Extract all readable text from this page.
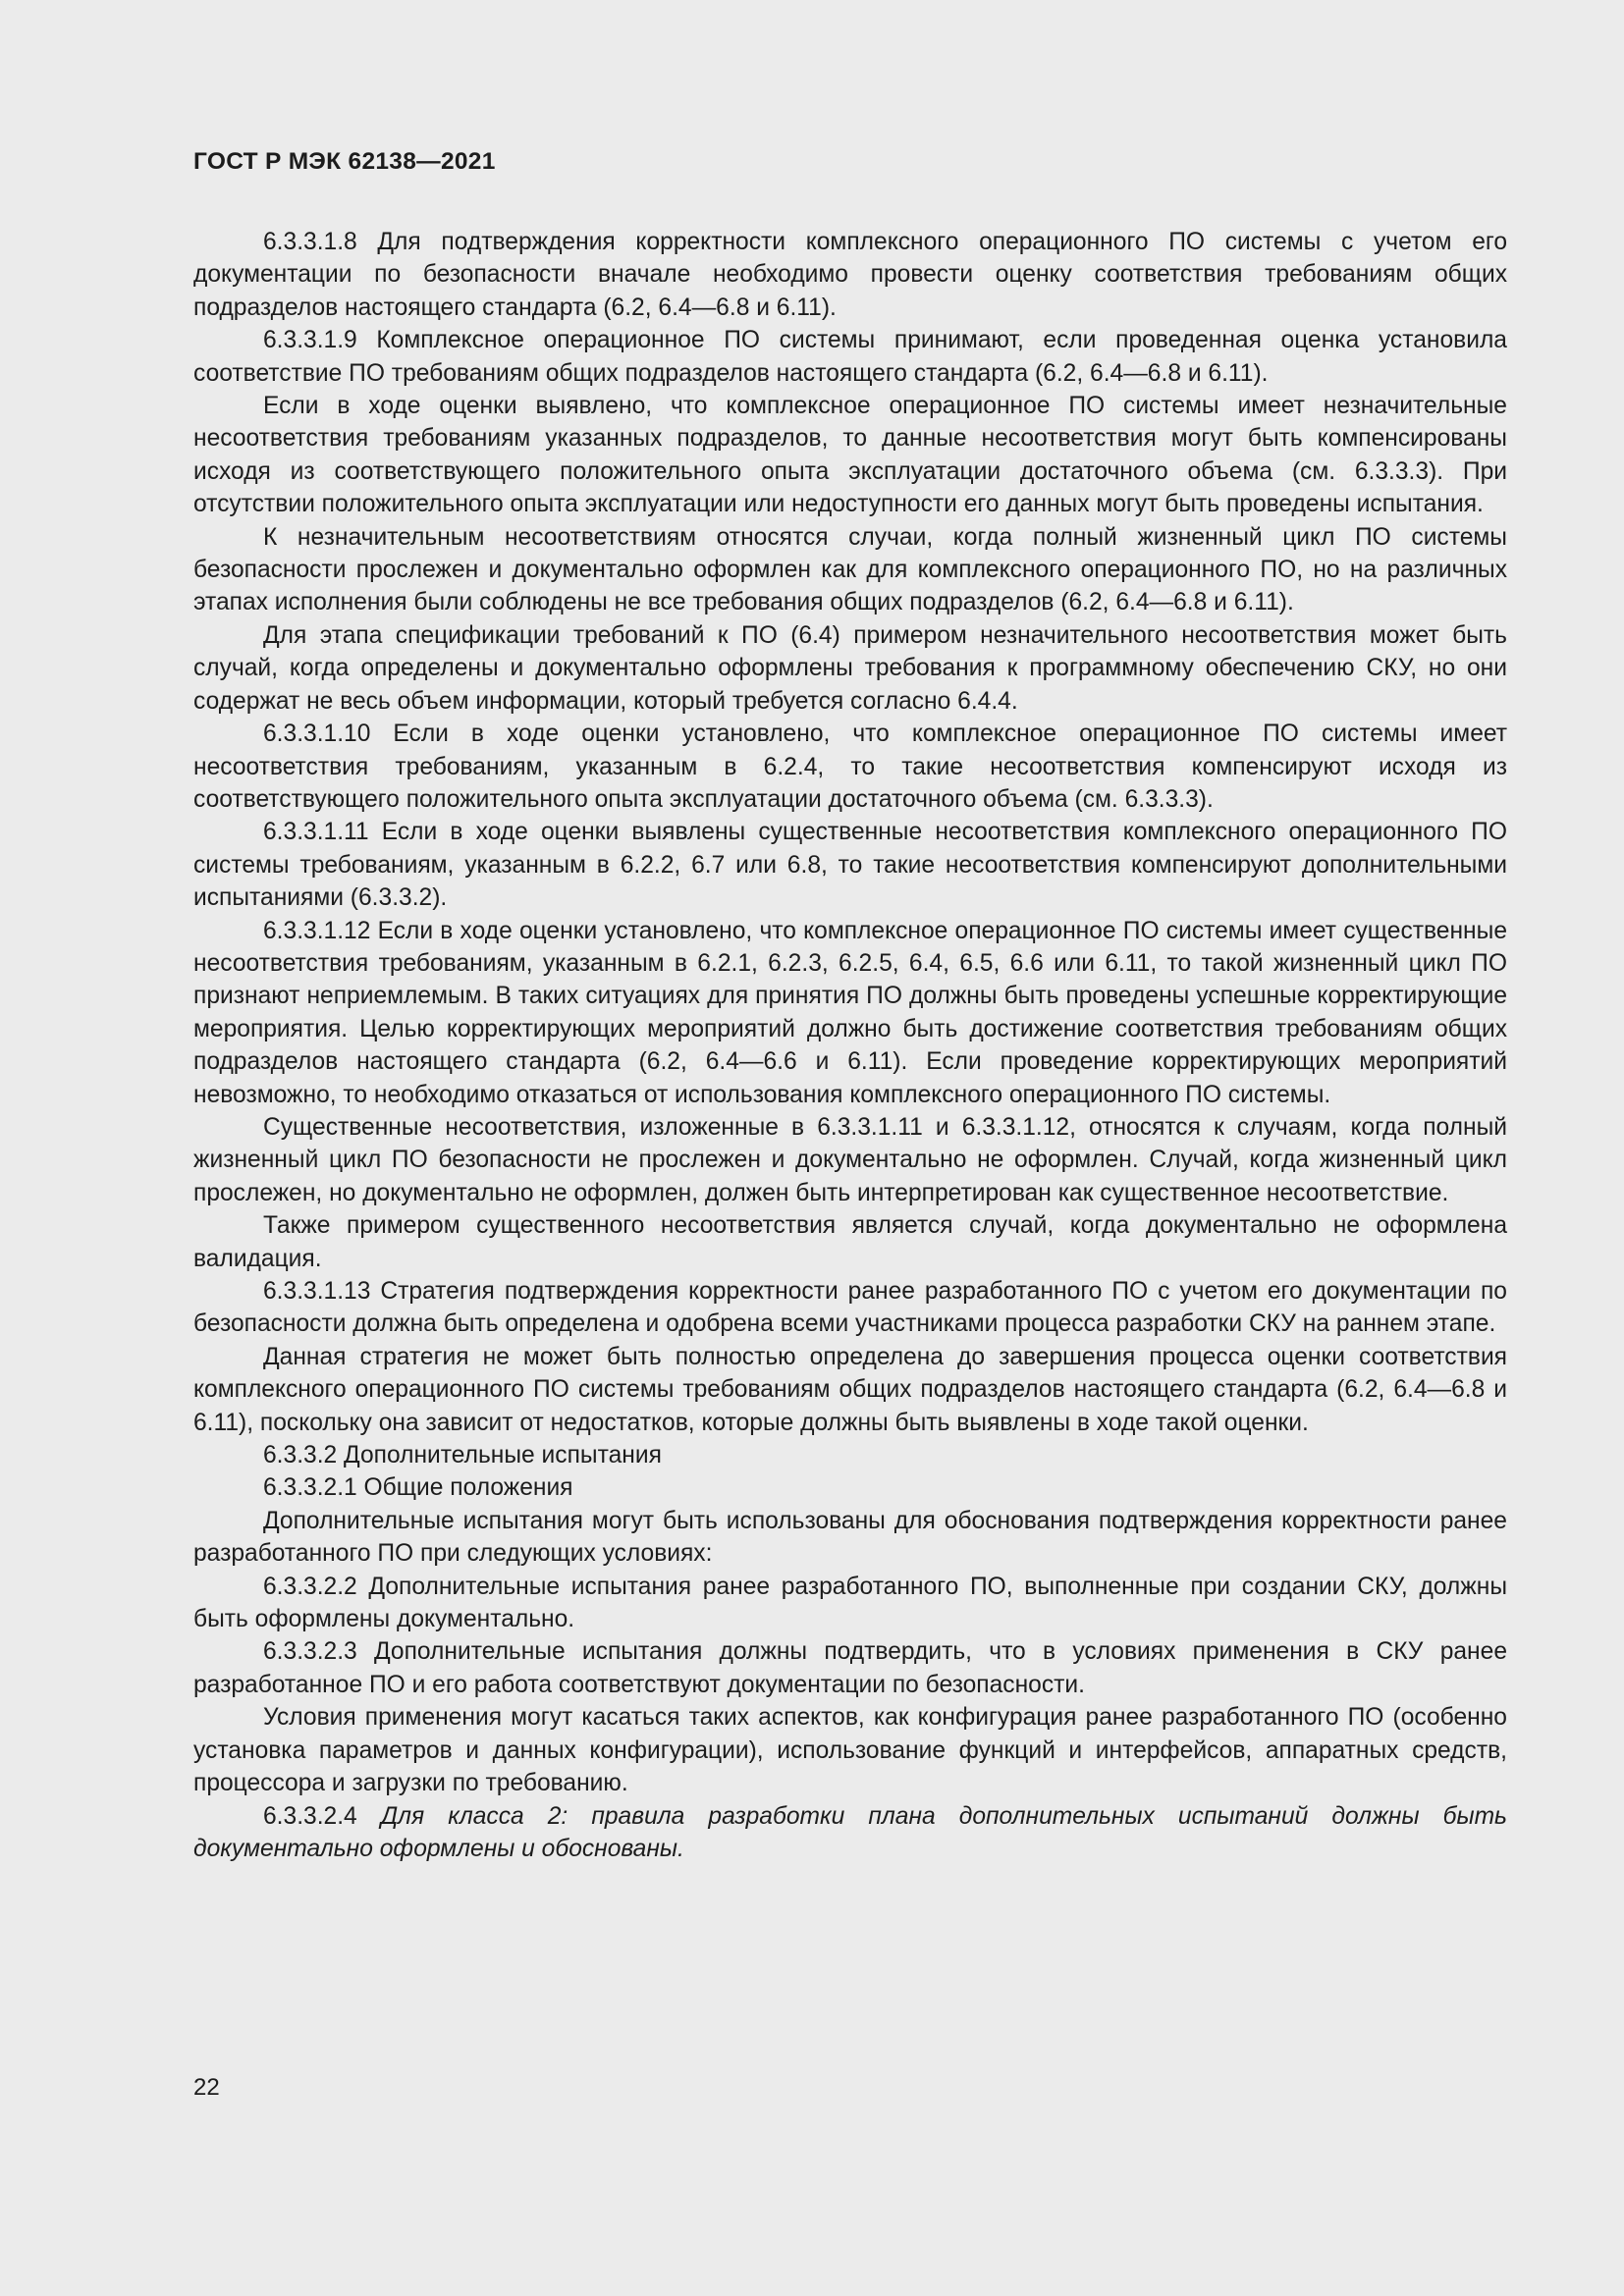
ГОСТ Р МЭК 62138—2021

6.3.3.1.8 Для подтверждения корректности комплексного операционного ПО системы с учетом его документации по безопасности вначале необходимо провести оценку соответствия требованиям общих подразделов настоящего стандарта (6.2, 6.4—6.8 и 6.11).

6.3.3.1.9 Комплексное операционное ПО системы принимают, если проведенная оценка установила соответствие ПО требованиям общих подразделов настоящего стандарта (6.2, 6.4—6.8 и 6.11).

Если в ходе оценки выявлено, что комплексное операционное ПО системы имеет незначительные несоответствия требованиям указанных подразделов, то данные несоответствия могут быть компенсированы исходя из соответствующего положительного опыта эксплуатации достаточного объема (см. 6.3.3.3). При отсутствии положительного опыта эксплуатации или недоступности его данных могут быть проведены испытания.

К незначительным несоответствиям относятся случаи, когда полный жизненный цикл ПО системы безопасности прослежен и документально оформлен как для комплексного операционного ПО, но на различных этапах исполнения были соблюдены не все требования общих подразделов (6.2, 6.4—6.8 и 6.11).

Для этапа спецификации требований к ПО (6.4) примером незначительного несоответствия может быть случай, когда определены и документально оформлены требования к программному обеспечению СКУ, но они содержат не весь объем информации, который требуется согласно 6.4.4.

6.3.3.1.10 Если в ходе оценки установлено, что комплексное операционное ПО системы имеет несоответствия требованиям, указанным в 6.2.4, то такие несоответствия компенсируют исходя из соответствующего положительного опыта эксплуатации достаточного объема (см. 6.3.3.3).

6.3.3.1.11 Если в ходе оценки выявлены существенные несоответствия комплексного операционного ПО системы требованиям, указанным в 6.2.2, 6.7 или 6.8, то такие несоответствия компенсируют дополнительными испытаниями (6.3.3.2).

6.3.3.1.12 Если в ходе оценки установлено, что комплексное операционное ПО системы имеет существенные несоответствия требованиям, указанным в 6.2.1, 6.2.3, 6.2.5, 6.4, 6.5, 6.6 или 6.11, то такой жизненный цикл ПО признают неприемлемым. В таких ситуациях для принятия ПО должны быть проведены успешные корректирующие мероприятия. Целью корректирующих мероприятий должно быть достижение соответствия требованиям общих подразделов настоящего стандарта (6.2, 6.4—6.6 и 6.11). Если проведение корректирующих мероприятий невозможно, то необходимо отказаться от использования комплексного операционного ПО системы.

Существенные несоответствия, изложенные в 6.3.3.1.11 и 6.3.3.1.12, относятся к случаям, когда полный жизненный цикл ПО безопасности не прослежен и документально не оформлен. Случай, когда жизненный цикл прослежен, но документально не оформлен, должен быть интерпретирован как существенное несоответствие.

Также примером существенного несоответствия является случай, когда документально не оформлена валидация.

6.3.3.1.13 Стратегия подтверждения корректности ранее разработанного ПО с учетом его документации по безопасности должна быть определена и одобрена всеми участниками процесса разработки СКУ на раннем этапе.

Данная стратегия не может быть полностью определена до завершения процесса оценки соответствия комплексного операционного ПО системы требованиям общих подразделов настоящего стандарта (6.2, 6.4—6.8 и 6.11), поскольку она зависит от недостатков, которые должны быть выявлены в ходе такой оценки.

6.3.3.2 Дополнительные испытания

6.3.3.2.1 Общие положения

Дополнительные испытания могут быть использованы для обоснования подтверждения корректности ранее разработанного ПО при следующих условиях:

6.3.3.2.2 Дополнительные испытания ранее разработанного ПО, выполненные при создании СКУ, должны быть оформлены документально.

6.3.3.2.3 Дополнительные испытания должны подтвердить, что в условиях применения в СКУ ранее разработанное ПО и его работа соответствуют документации по безопасности.

Условия применения могут касаться таких аспектов, как конфигурация ранее разработанного ПО (особенно установка параметров и данных конфигурации), использование функций и интерфейсов, аппаратных средств, процессора и загрузки по требованию.

6.3.3.2.4 Для класса 2: правила разработки плана дополнительных испытаний должны быть документально оформлены и обоснованы.

22
